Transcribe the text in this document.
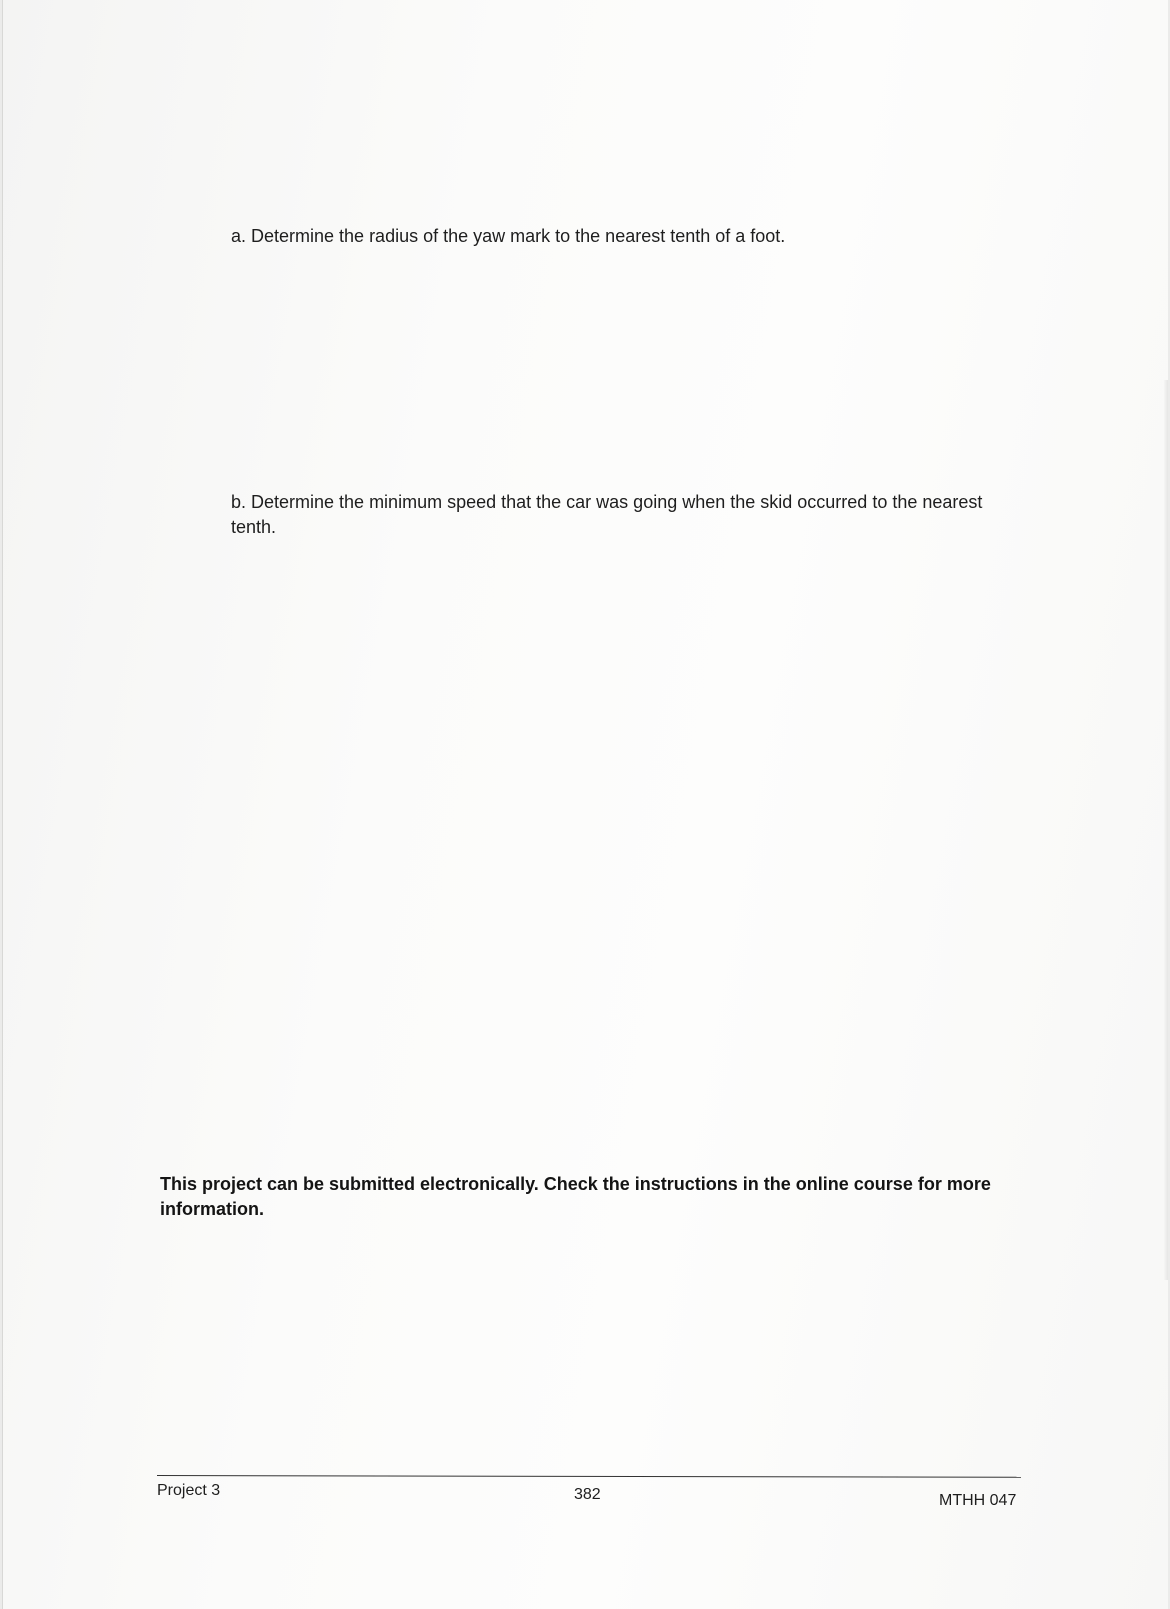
a. Determine the radius of the yaw mark to the nearest tenth of a foot.
b. Determine the minimum speed that the car was going when the skid occurred to the nearest tenth.
This project can be submitted electronically. Check the instructions in the online course for more information.
Project 3	382	MTHH 047
